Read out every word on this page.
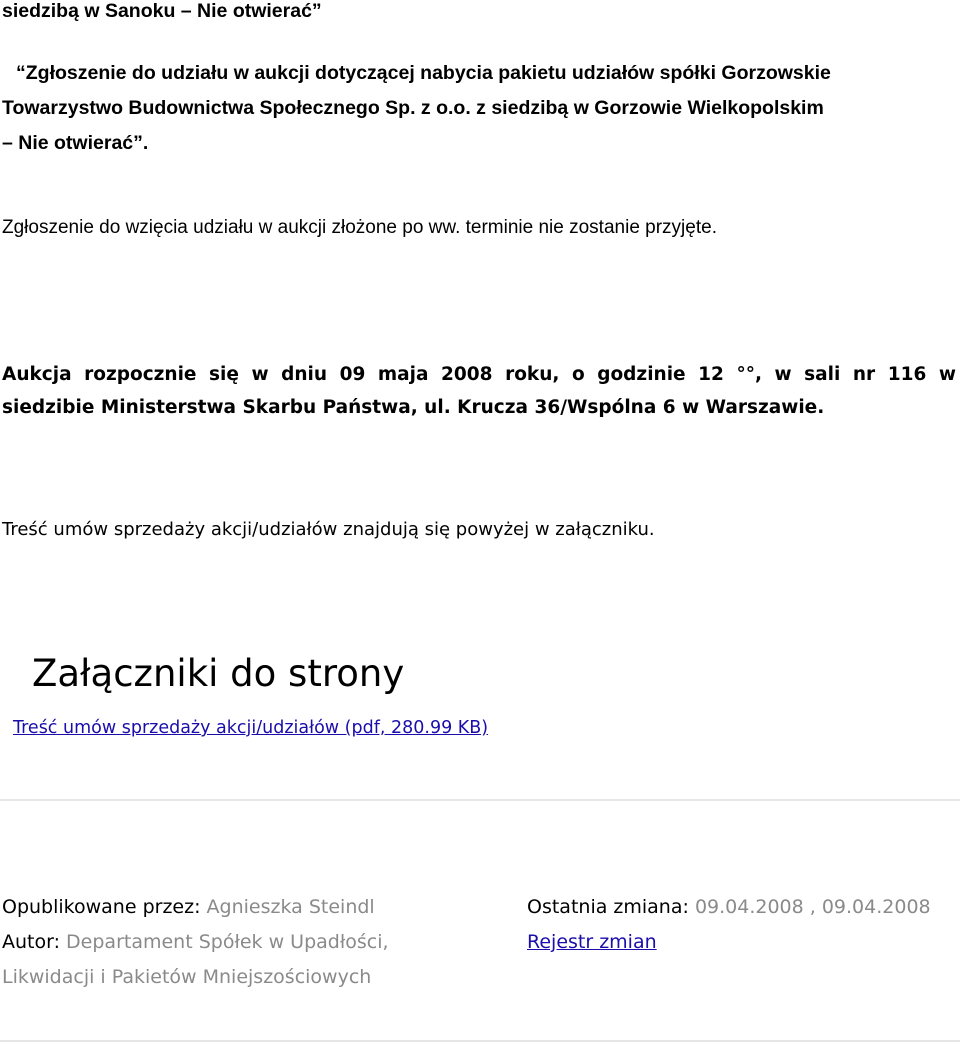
siedzibą w Sanoku – Nie otwierać”
“Zgłoszenie do udziału w aukcji dotyczącej nabycia pakietu udziałów spółki Gorzowskie
Towarzystwo Budownictwa Społecznego Sp. z o.o. z siedzibą w Gorzowie Wielkopolskim
– Nie otwierać”.
Zgłoszenie do wzięcia udziału w aukcji złożone po ww. terminie nie zostanie przyjęte.
Aukcja rozpocznie się w dniu 09 maja 2008 roku, o godzinie 12 °°, w sali nr 116 w
siedzibie Ministerstwa Skarbu Państwa, ul. Krucza 36/Wspólna 6 w Warszawie.
Treść umów sprzedaży akcji/udziałów znajdują się powyżej w załączniku.
Załączniki do strony
Treść umów sprzedaży akcji/udziałów (pdf, 280.99 KB)
Opublikowane przez: Agnieszka Steindl
Autor: Departament Spółek w Upadłości,
Likwidacji i Pakietów Mniejszościowych
Ostatnia zmiana: 09.04.2008 , 09.04.2008
Rejestr zmian
